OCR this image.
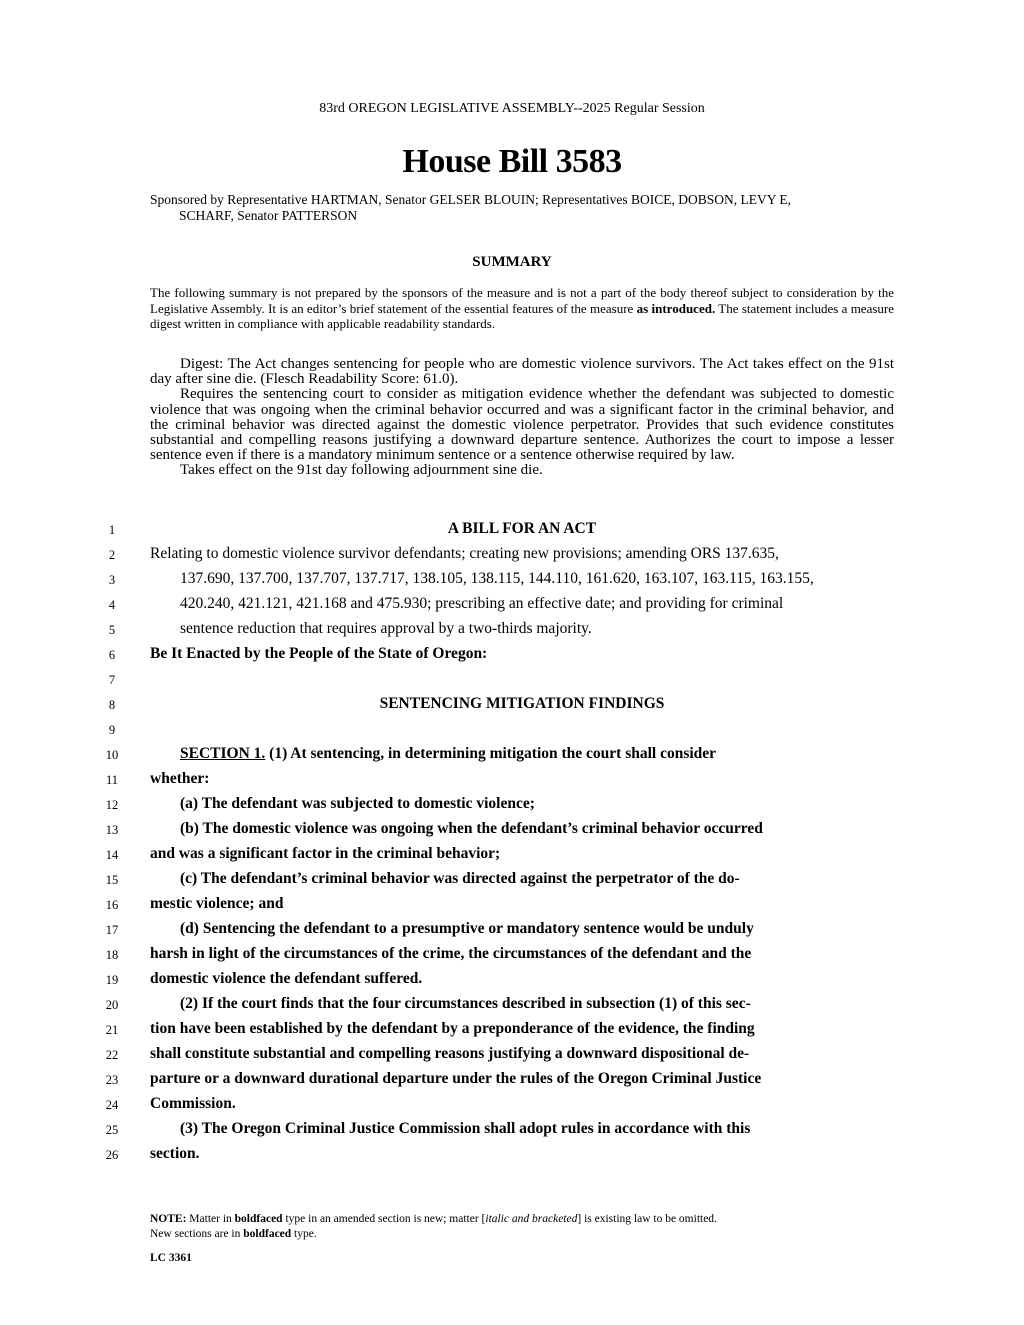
83rd OREGON LEGISLATIVE ASSEMBLY--2025 Regular Session
House Bill 3583
Sponsored by Representative HARTMAN, Senator GELSER BLOUIN; Representatives BOICE, DOBSON, LEVY E,
SCHARF, Senator PATTERSON
SUMMARY
The following summary is not prepared by the sponsors of the measure and is not a part of the body thereof subject to consideration by the Legislative Assembly. It is an editor’s brief statement of the essential features of the measure as introduced. The statement includes a measure digest written in compliance with applicable readability standards.

Digest: The Act changes sentencing for people who are domestic violence survivors. The Act takes effect on the 91st day after sine die. (Flesch Readability Score: 61.0).

Requires the sentencing court to consider as mitigation evidence whether the defendant was subjected to domestic violence that was ongoing when the criminal behavior occurred and was a significant factor in the criminal behavior, and the criminal behavior was directed against the domestic violence perpetrator. Provides that such evidence constitutes substantial and compelling reasons justifying a downward departure sentence. Authorizes the court to impose a lesser sentence even if there is a mandatory minimum sentence or a sentence otherwise required by law.

Takes effect on the 91st day following adjournment sine die.

1
2
3
4
5
6
7
8
9
10
11
12
13
14
15
16
17
18
19
20
21
22
23
24
25
26
A BILL FOR AN ACT
Relating to domestic violence survivor defendants; creating new provisions; amending ORS 137.635,
137.690, 137.700, 137.707, 137.717, 138.105, 138.115, 144.110, 161.620, 163.107, 163.115, 163.155,
420.240, 421.121, 421.168 and 475.930; prescribing an effective date; and providing for criminal
sentence reduction that requires approval by a two-thirds majority.
Be It Enacted by the People of the State of Oregon:
SENTENCING MITIGATION FINDINGS
SECTION 1. (1) At sentencing, in determining mitigation the court shall consider
whether:
(a) The defendant was subjected to domestic violence;
(b) The domestic violence was ongoing when the defendant’s criminal behavior occurred
and was a significant factor in the criminal behavior;
(c) The defendant’s criminal behavior was directed against the perpetrator of the do-
mestic violence; and
(d) Sentencing the defendant to a presumptive or mandatory sentence would be unduly
harsh in light of the circumstances of the crime, the circumstances of the defendant and the
domestic violence the defendant suffered.
(2) If the court finds that the four circumstances described in subsection (1) of this sec-
tion have been established by the defendant by a preponderance of the evidence, the finding
shall constitute substantial and compelling reasons justifying a downward dispositional de-
parture or a downward durational departure under the rules of the Oregon Criminal Justice
Commission.
(3) The Oregon Criminal Justice Commission shall adopt rules in accordance with this
section.
NOTE: Matter in boldfaced type in an amended section is new; matter [italic and bracketed] is existing law to be omitted.
New sections are in boldfaced type.
LC 3361
